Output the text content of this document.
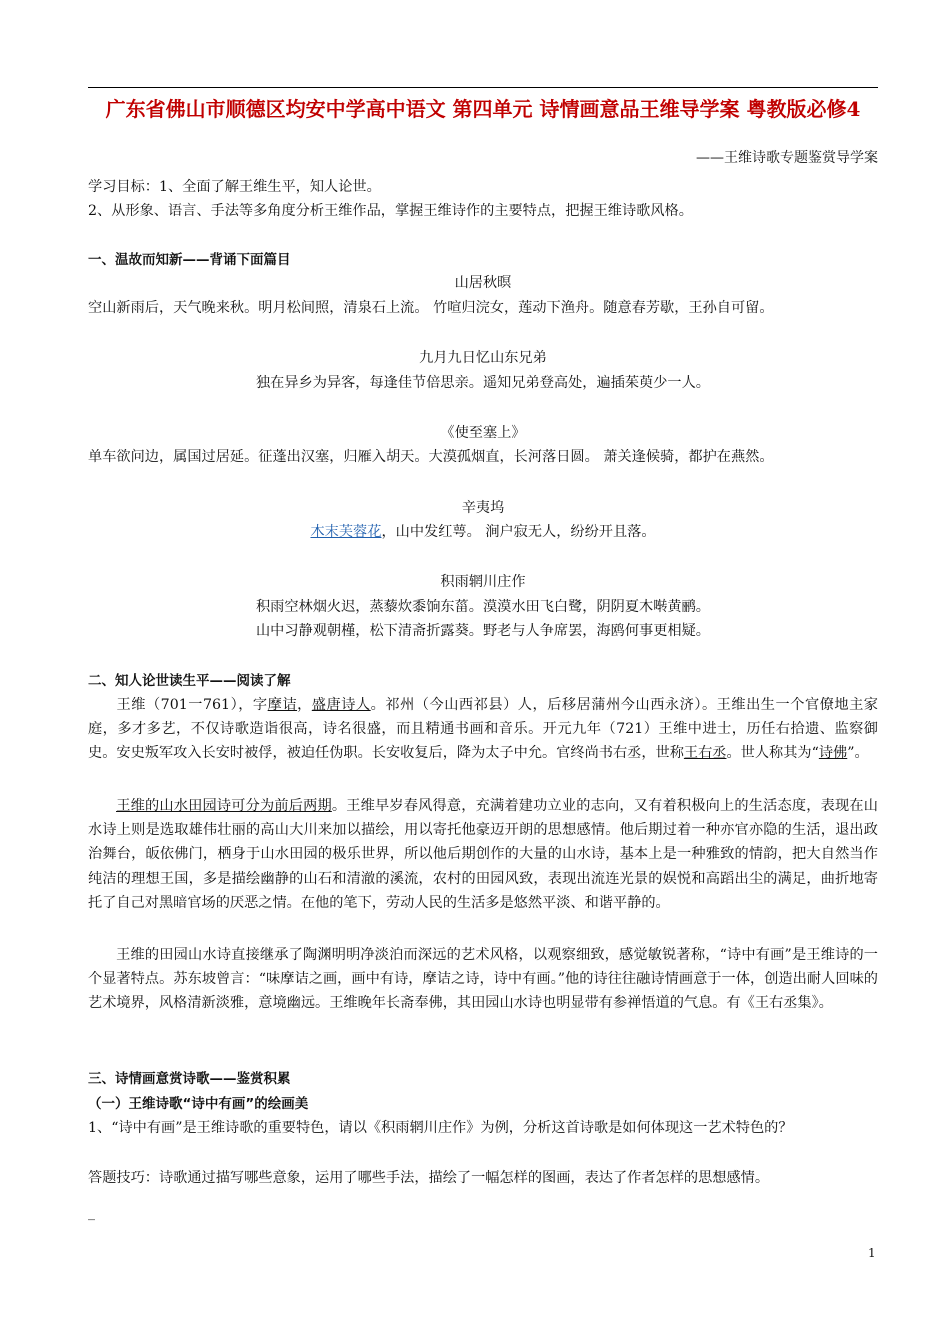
广东省佛山市顺德区均安中学高中语文 第四单元 诗情画意品王维导学案 粤教版必修4
——王维诗歌专题鉴赏导学案
学习目标：1、全面了解王维生平，知人论世。
2、从形象、语言、手法等多角度分析王维作品，掌握王维诗作的主要特点，把握王维诗歌风格。
一、温故而知新——背诵下面篇目
山居秋暝
空山新雨后，天气晚来秋。明月松间照，清泉石上流。 竹喧归浣女，莲动下渔舟。随意春芳歇，王孙自可留。
九月九日忆山东兄弟
独在异乡为异客，每逢佳节倍思亲。遥知兄弟登高处，遍插茱萸少一人。
《使至塞上》
单车欲问边，属国过居延。征蓬出汉塞，归雁入胡天。大漠孤烟直，长河落日圆。 萧关逢候骑，都护在燕然。
辛夷坞
木末芙蓉花，山中发红萼。 涧户寂无人，纷纷开且落。
积雨辋川庄作
积雨空林烟火迟，蒸藜炊黍饷东菑。漠漠水田飞白鹭，阴阴夏木啭黄鹂。
山中习静观朝槿，松下清斋折露葵。野老与人争席罢，海鸥何事更相疑。
二、知人论世读生平——阅读了解
王维（701一761），字摩诘，盛唐诗人。祁州（今山西祁县）人，后移居蒲州今山西永济）。王维出生一个官僚地主家庭，多才多艺，不仅诗歌造诣很高，诗名很盛，而且精通书画和音乐。开元九年（721）王维中进士，历任右拾遗、监察御史。安史叛军攻入长安时被俘，被迫任伪职。长安收复后，降为太子中允。官终尚书右丞，世称王右丞。世人称其为“诗佛”。
王维的山水田园诗可分为前后两期。王维早岁春风得意，充满着建功立业的志向，又有着积极向上的生活态度，表现在山水诗上则是选取雄伟壮丽的高山大川来加以描绘，用以寄托他豪迈开朗的思想感情。他后期过着一种亦官亦隐的生活，退出政治舞台，皈依佛门，栖身于山水田园的极乐世界，所以他后期创作的大量的山水诗，基本上是一种雅致的情韵，把大自然当作纯洁的理想王国，多是描绘幽静的山石和清澈的溪流，农村的田园风致，表现出流连光景的娱悦和高蹈出尘的满足，曲折地寄托了自己对黑暗官场的厌恶之情。在他的笔下，劳动人民的生活多是悠然平淡、和谐平静的。
王维的田园山水诗直接继承了陶渊明明净淡泊而深远的艺术风格，以观察细致，感觉敏锐著称，“诗中有画”是王维诗的一个显著特点。苏东坡曾言：“味摩诘之画，画中有诗，摩诘之诗，诗中有画。”他的诗往往融诗情画意于一体，创造出耐人回味的艺术境界，风格清新淡雅，意境幽远。王维晚年长斋奉佛，其田园山水诗也明显带有参禅悟道的气息。有《王右丞集》。
三、诗情画意赏诗歌——鉴赏积累
（一）王维诗歌“诗中有画”的绘画美
1、“诗中有画”是王维诗歌的重要特色，请以《积雨辋川庄作》为例，分析这首诗歌是如何体现这一艺术特色的？
答题技巧：诗歌通过描写哪些意象，运用了哪些手法，描绘了一幅怎样的图画，表达了作者怎样的思想感情。
_
1
